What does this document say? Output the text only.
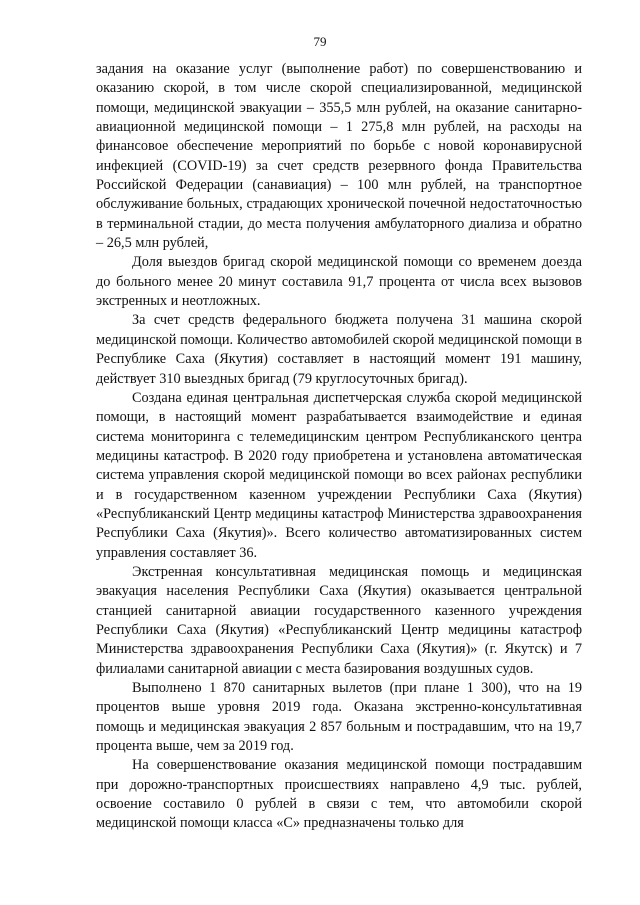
79

задания на оказание услуг (выполнение работ) по совершенствованию и оказанию скорой, в том числе скорой специализированной, медицинской помощи, медицинской эвакуации – 355,5 млн рублей, на оказание санитарно-авиационной медицинской помощи – 1 275,8 млн рублей, на расходы на финансовое обеспечение мероприятий по борьбе с новой коронавирусной инфекцией (COVID-19) за счет средств резервного фонда Правительства Российской Федерации (санавиация) – 100 млн рублей, на транспортное обслуживание больных, страдающих хронической почечной недостаточностью в терминальной стадии, до места получения амбулаторного диализа и обратно – 26,5 млн рублей,

Доля выездов бригад скорой медицинской помощи со временем доезда до больного менее 20 минут составила 91,7 процента от числа всех вызовов экстренных и неотложных.

За счет средств федерального бюджета получена 31 машина скорой медицинской помощи. Количество автомобилей скорой медицинской помощи в Республике Саха (Якутия) составляет в настоящий момент 191 машину, действует 310 выездных бригад (79 круглосуточных бригад).

Создана единая центральная диспетчерская служба скорой медицинской помощи, в настоящий момент разрабатывается взаимодействие и единая система мониторинга с телемедицинским центром Республиканского центра медицины катастроф. В 2020 году приобретена и установлена автоматическая система управления скорой медицинской помощи во всех районах республики и в государственном казенном учреждении Республики Саха (Якутия) «Республиканский Центр медицины катастроф Министерства здравоохранения Республики Саха (Якутия)». Всего количество автоматизированных систем управления составляет 36.

Экстренная консультативная медицинская помощь и медицинская эвакуация населения Республики Саха (Якутия) оказывается центральной станцией санитарной авиации государственного казенного учреждения Республики Саха (Якутия) «Республиканский Центр медицины катастроф Министерства здравоохранения Республики Саха (Якутия)» (г. Якутск) и 7 филиалами санитарной авиации с места базирования воздушных судов.

Выполнено 1 870 санитарных вылетов (при плане 1 300), что на 19 процентов выше уровня 2019 года. Оказана экстренно-консультативная помощь и медицинская эвакуация 2 857 больным и пострадавшим, что на 19,7 процента выше, чем за 2019 год.

На совершенствование оказания медицинской помощи пострадавшим при дорожно-транспортных происшествиях направлено 4,9 тыс. рублей, освоение составило 0 рублей в связи с тем, что автомобили скорой медицинской помощи класса «С» предназначены только для
